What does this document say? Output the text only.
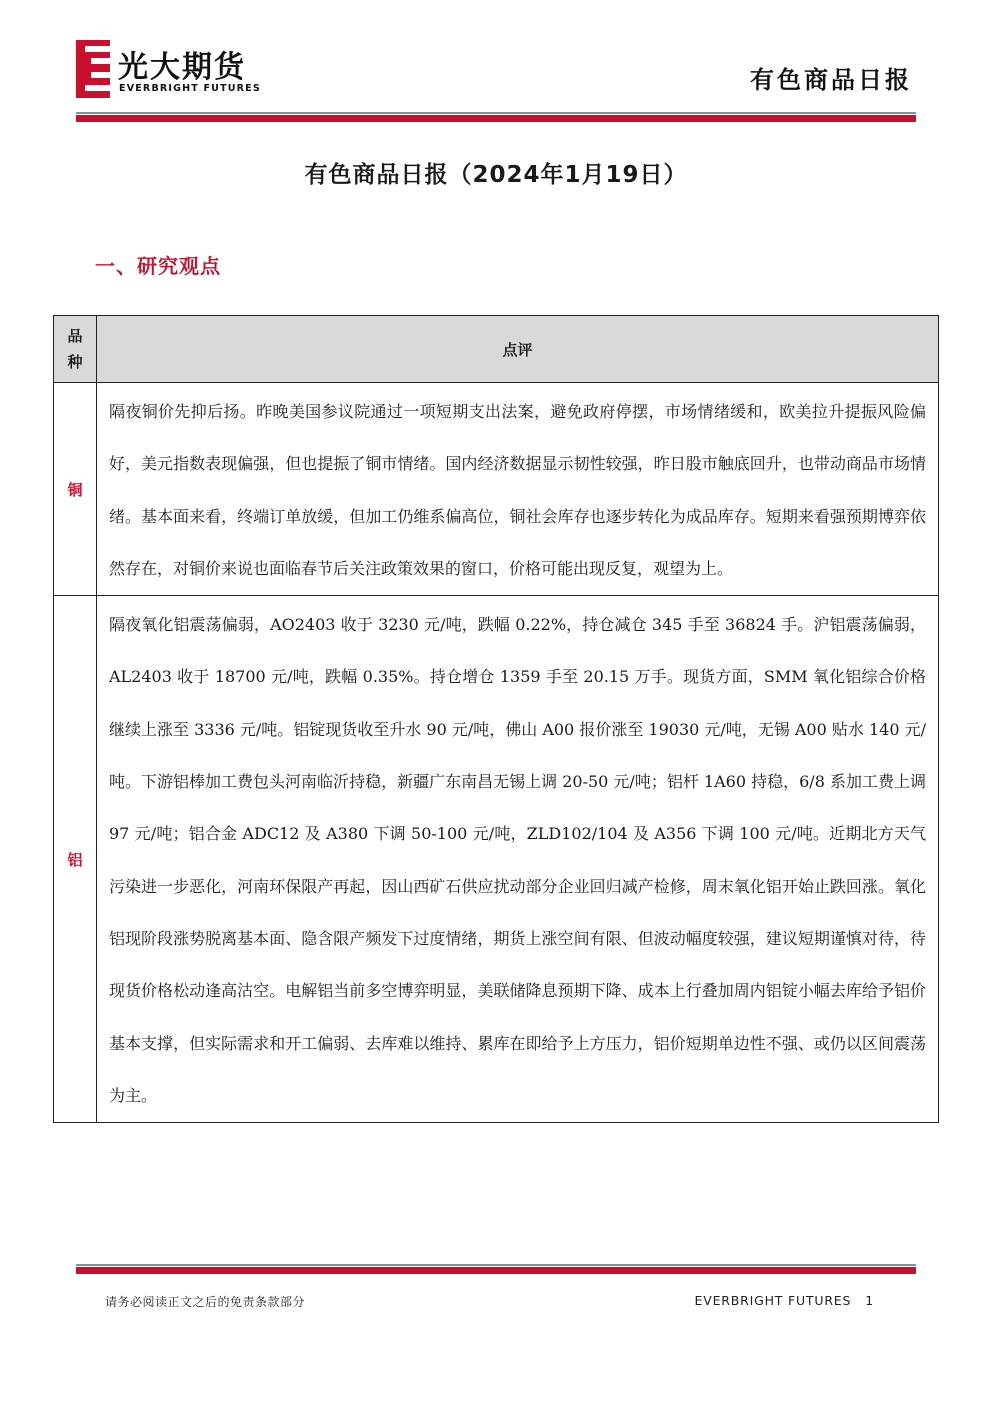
光大期货
EVERBRIGHT FUTURES	有色商品日报
有色商品日报（2024年1月19日）
一、研究观点
品种	点评
铜	隔夜铜价先抑后扬。昨晚美国参议院通过一项短期支出法案，避免政府停摆，市场情绪缓和，欧美拉升提振风险偏好，美元指数表现偏强，但也提振了铜市情绪。国内经济数据显示韧性较强，昨日股市触底回升，也带动商品市场情绪。基本面来看，终端订单放缓，但加工仍维系偏高位，铜社会库存也逐步转化为成品库存。短期来看强预期博弈依然存在，对铜价来说也面临春节后关注政策效果的窗口，价格可能出现反复，观望为上。
铝	隔夜氧化铝震荡偏弱，AO2403 收于 3230 元/吨，跌幅 0.22%，持仓减仓 345 手至 36824 手。沪铝震荡偏弱，AL2403 收于 18700 元/吨，跌幅 0.35%。持仓增仓 1359 手至 20.15 万手。现货方面，SMM 氧化铝综合价格继续上涨至 3336 元/吨。铝锭现货收至升水 90 元/吨，佛山 A00 报价涨至 19030 元/吨，无锡 A00 贴水 140 元/吨。下游铝棒加工费包头河南临沂持稳，新疆广东南昌无锡上调 20-50 元/吨；铝杆 1A60 持稳，6/8 系加工费上调 97 元/吨；铝合金 ADC12 及 A380 下调 50-100 元/吨，ZLD102/104 及 A356 下调 100 元/吨。近期北方天气污染进一步恶化，河南环保限产再起，因山西矿石供应扰动部分企业回归减产检修，周末氧化铝开始止跌回涨。氧化铝现阶段涨势脱离基本面、隐含限产频发下过度情绪，期货上涨空间有限、但波动幅度较强，建议短期谨慎对待，待现货价格松动逢高沽空。电解铝当前多空博弈明显，美联储降息预期下降、成本上行叠加周内铝锭小幅去库给予铝价基本支撑，但实际需求和开工偏弱、去库难以维持、累库在即给予上方压力，铝价短期单边性不强、或仍以区间震荡为主。
请务必阅读正文之后的免责条款部分	EVERBRIGHT FUTURES 1
